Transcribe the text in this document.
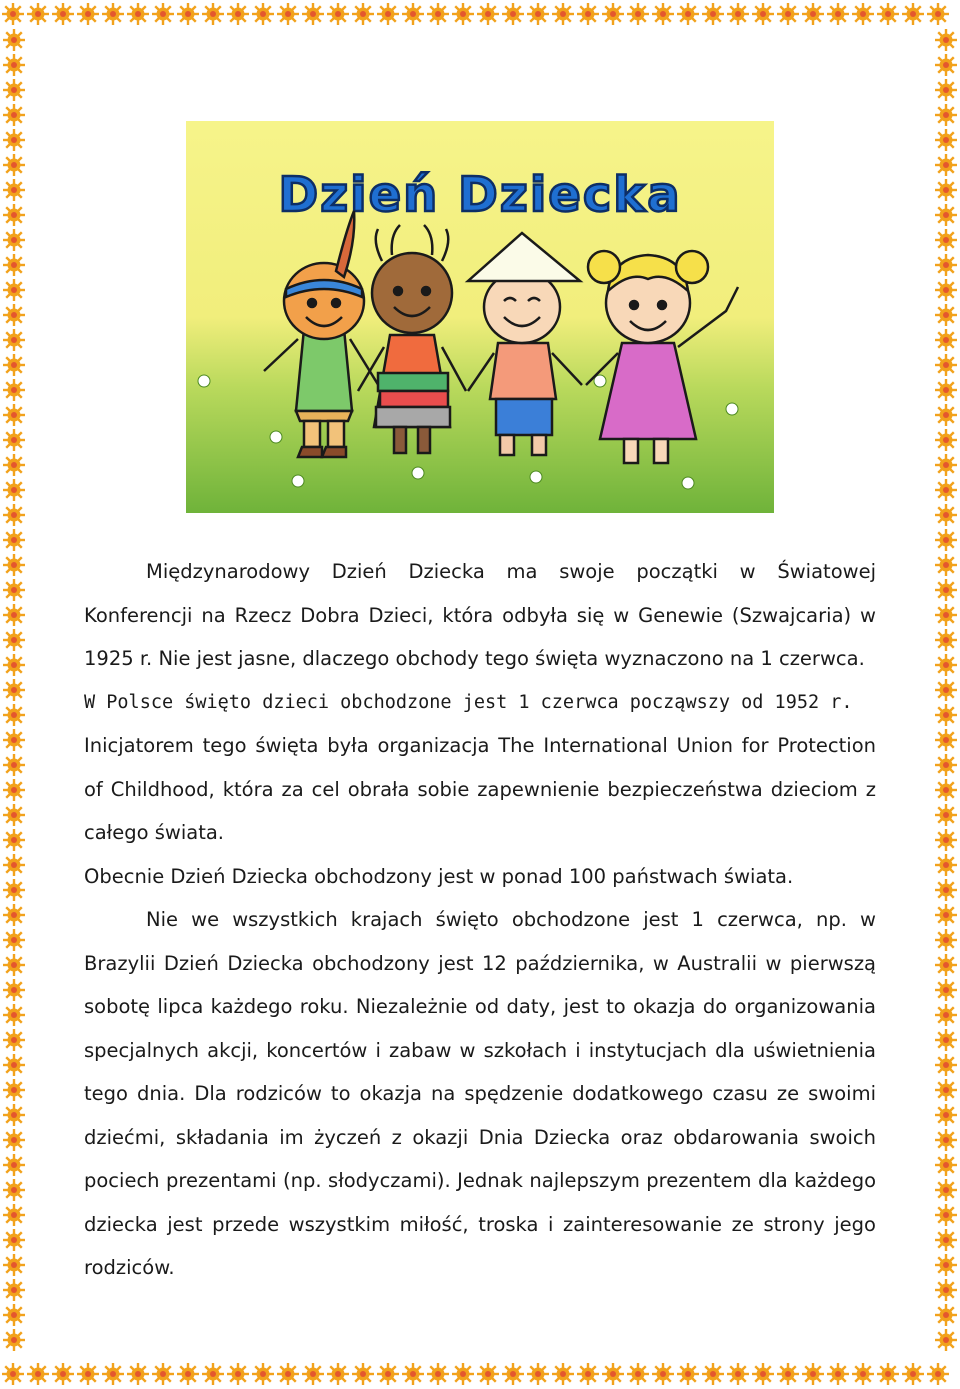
Dzień Dziecka

Międzynarodowy Dzień Dziecka ma swoje początki w Światowej Konferencji na Rzecz Dobra Dzieci, która odbyła się w Genewie (Szwajcaria) w 1925 r. Nie jest jasne, dlaczego obchody tego święta wyznaczono na 1 czerwca.

W Polsce święto dzieci obchodzone jest 1 czerwca począwszy od 1952 r.

Inicjatorem tego święta była organizacja The International Union for Protection of Childhood, która za cel obrała sobie zapewnienie bezpieczeństwa dzieciom z całego świata.

Obecnie Dzień Dziecka obchodzony jest w ponad 100 państwach świata.

Nie we wszystkich krajach święto obchodzone jest 1 czerwca, np. w Brazylii Dzień Dziecka obchodzony jest 12 października, w Australii w pierwszą sobotę lipca każdego roku. Niezależnie od daty, jest to okazja do organizowania specjalnych akcji, koncertów i zabaw w szkołach i instytucjach dla uświetnienia tego dnia. Dla rodziców to okazja na spędzenie dodatkowego czasu ze swoimi dziećmi, składania im życzeń z okazji Dnia Dziecka oraz obdarowania swoich pociech prezentami (np. słodyczami). Jednak najlepszym prezentem dla każdego dziecka jest przede wszystkim miłość, troska i zainteresowanie ze strony jego rodziców.
